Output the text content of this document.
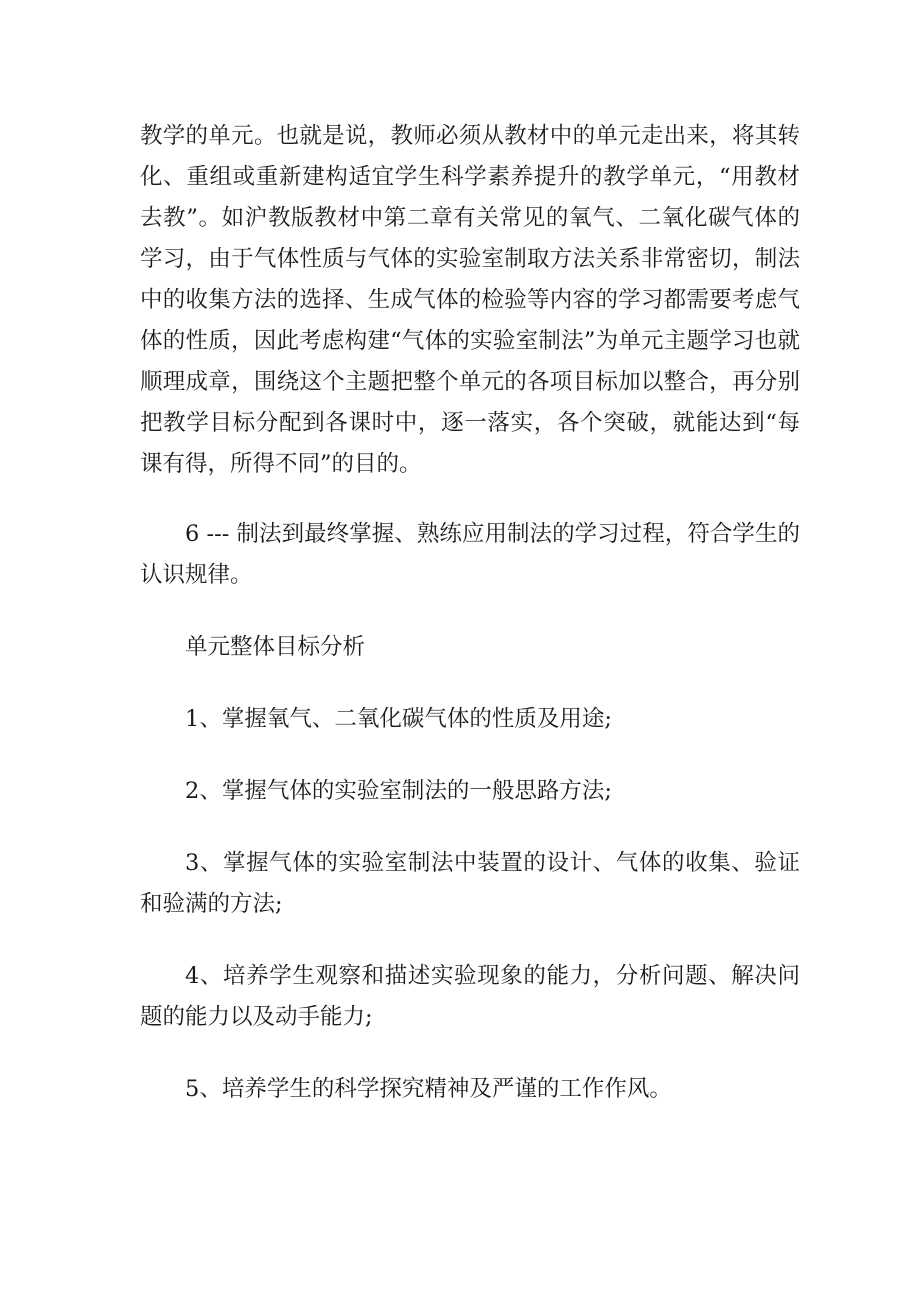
教学的单元。也就是说，教师必须从教材中的单元走出来，将其转化、重组或重新建构适宜学生科学素养提升的教学单元，“用教材去教”。如沪教版教材中第二章有关常见的氧气、二氧化碳气体的学习，由于气体性质与气体的实验室制取方法关系非常密切，制法中的收集方法的选择、生成气体的检验等内容的学习都需要考虑气体的性质，因此考虑构建“气体的实验室制法”为单元主题学习也就顺理成章，围绕这个主题把整个单元的各项目标加以整合，再分别把教学目标分配到各课时中，逐一落实，各个突破，就能达到“每课有得，所得不同”的目的。

6 --- 制法到最终掌握、熟练应用制法的学习过程，符合学生的认识规律。

单元整体目标分析

1、掌握氧气、二氧化碳气体的性质及用途;

2、掌握气体的实验室制法的一般思路方法;

3、掌握气体的实验室制法中装置的设计、气体的收集、验证和验满的方法;

4、培养学生观察和描述实验现象的能力，分析问题、解决问题的能力以及动手能力;

5、培养学生的科学探究精神及严谨的工作作风。
